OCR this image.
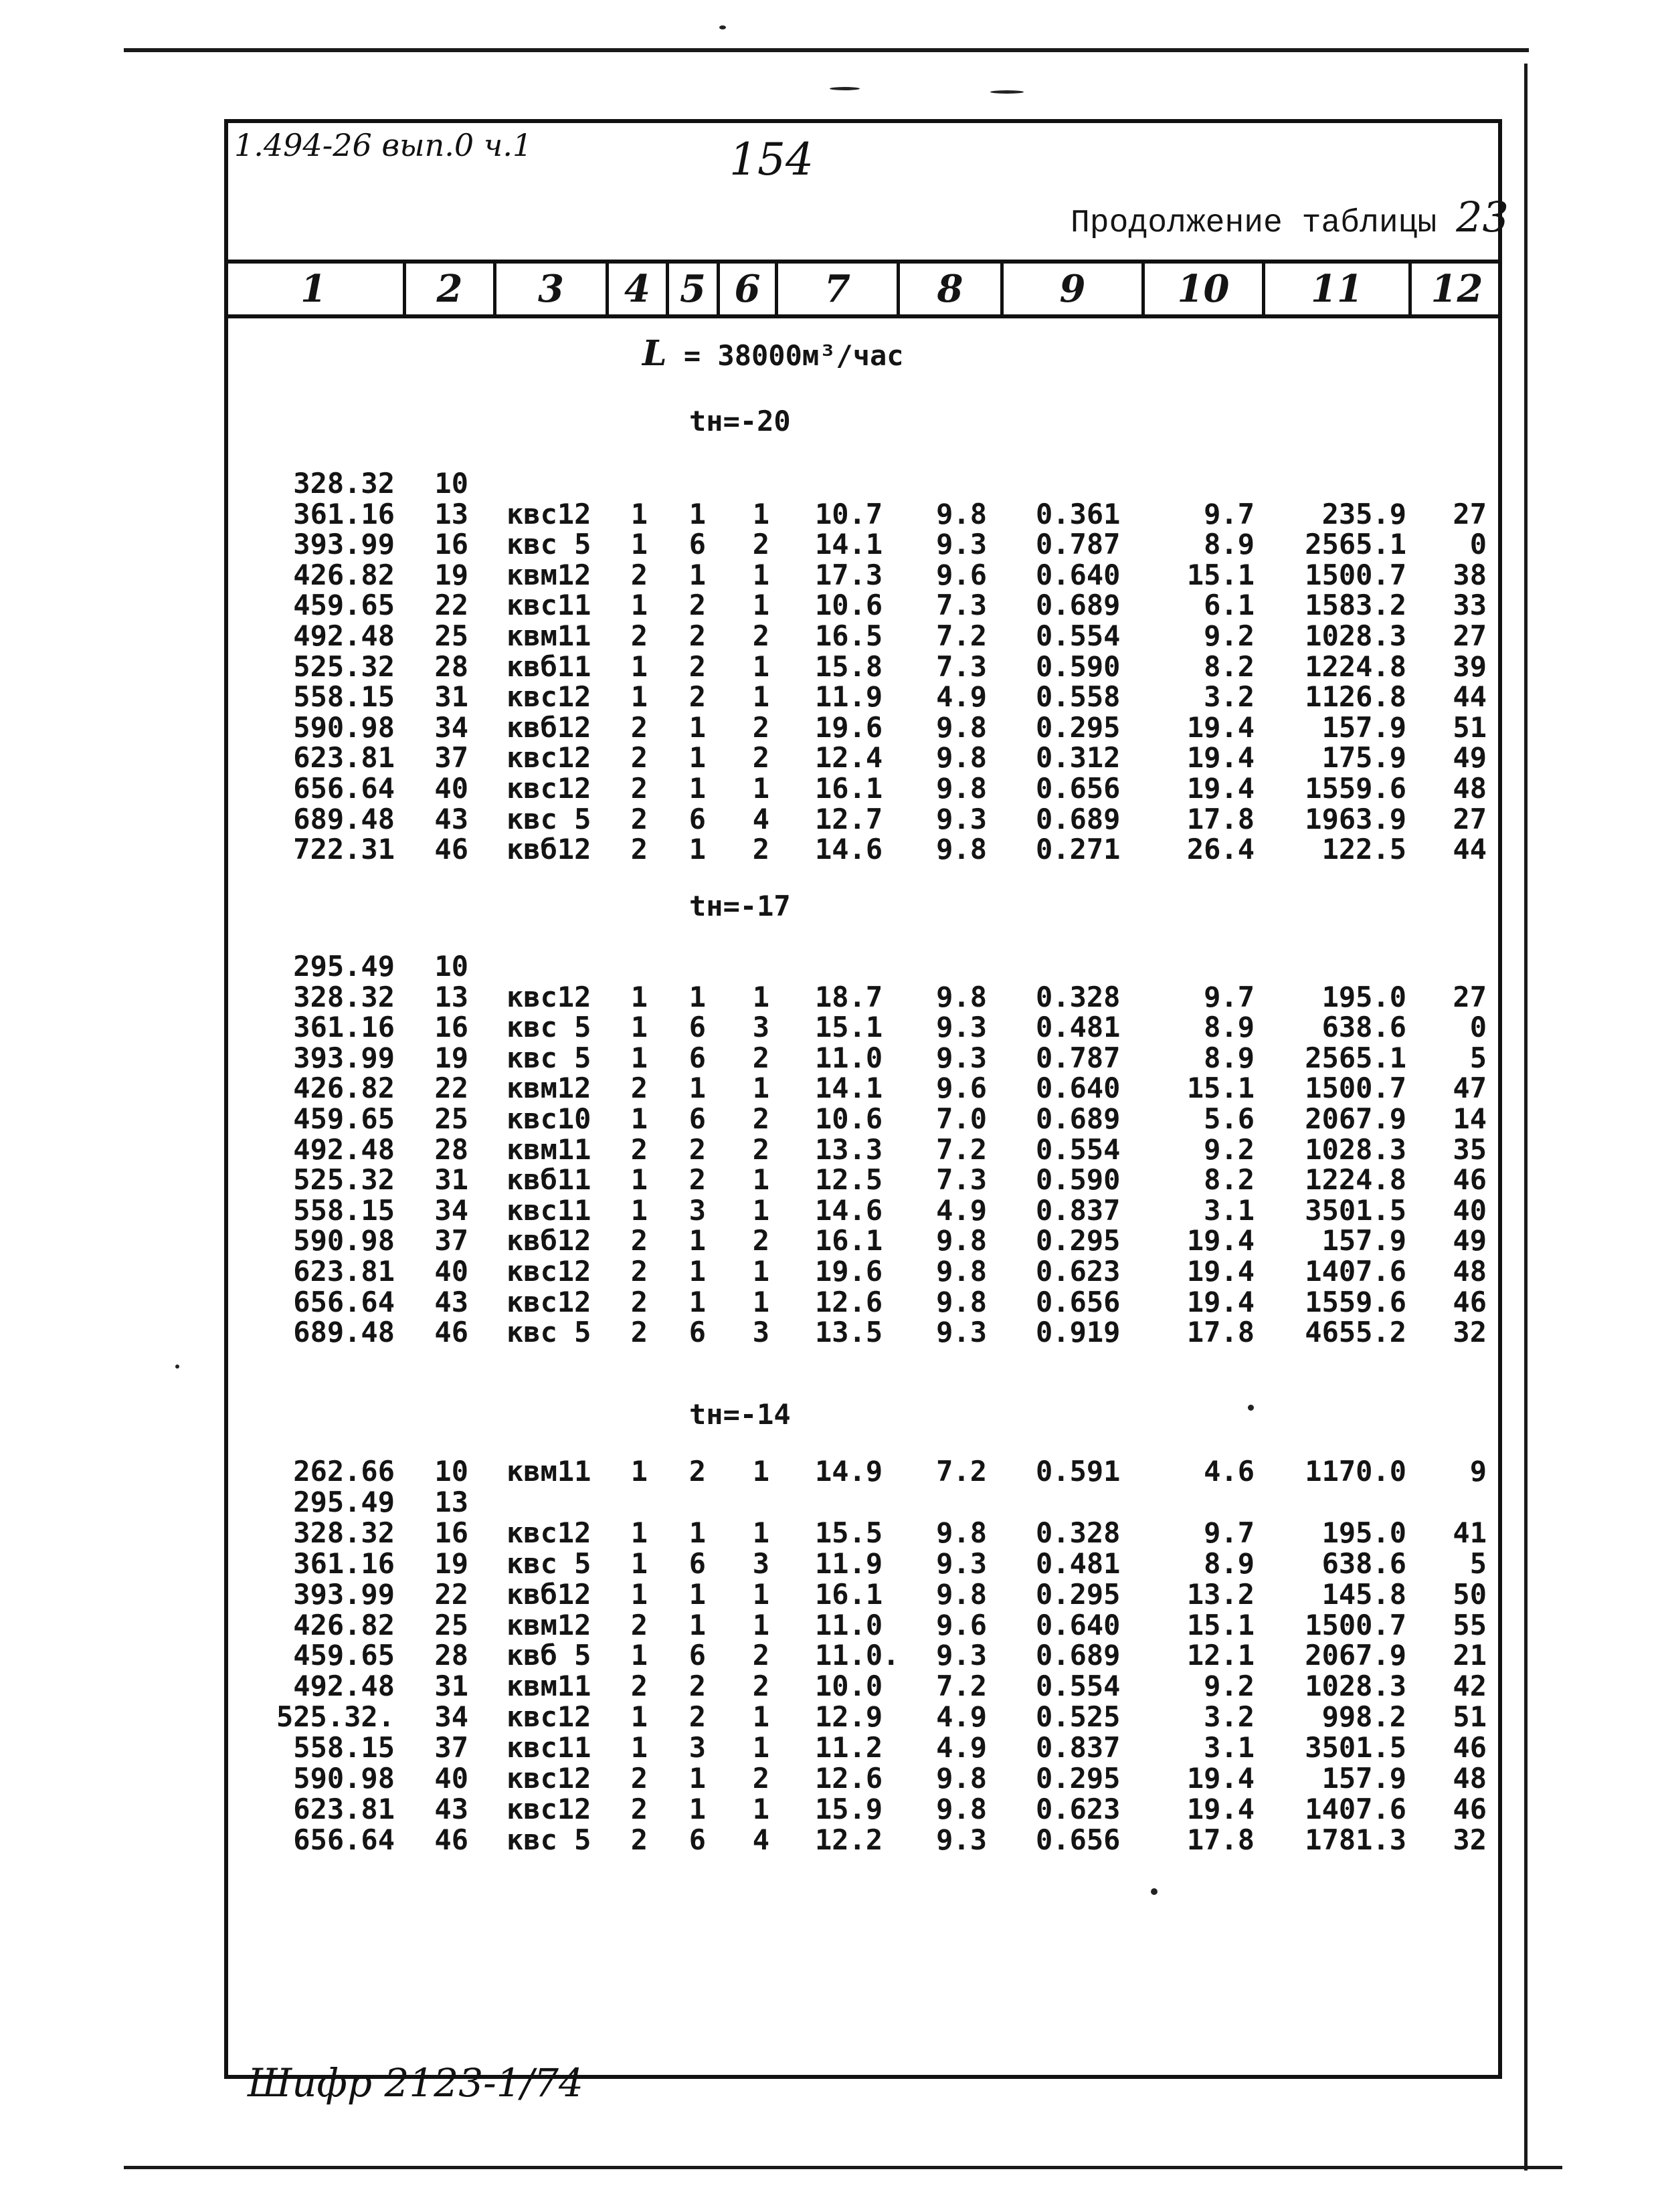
1.494-26 вып.0 ч.1	154
Продолжение таблицы 23
1	2	3	4 5 6	7	8	9	10	11	12
L = 38000м³/час
tн=-20
328.32 10
361.16 13 квс12 1 1 1 10.7 9.8 0.361	9.7 235.9 27
393.99 16 квс 5 1 6 2 14.1 9.3 0.787	8.9 2565.1 0
426.82 19 квм12 2 1 1 17.3 9.6 0.640 15.1 1500.7 38
459.65 22 квс11 1 2 1 10.6 7.3 0.689	6.1 1583.2 33
492.48 25 квм11 2 2 2 16.5 7.2 0.554	9.2 1028.3 27
525.32 28 квб11 1 2 1 15.8 7.3 0.590	8.2 1224.8 39
558.15 31 квс12 1 2 1 11.9 4.9 0.558	3.2 1126.8 44
590.98 34 квб12 2 1 2 19.6 9.8 0.295 19.4 157.9 51
623.81 37 квс12 2 1 2 12.4 9.8 0.312 19.4 175.9 49
656.64 40 квс12 2 1 1 16.1 9.8 0.656 19.4 1559.6 48
689.48 43 квс 5 2 6 4 12.7 9.3 0.689 17.8 1963.9 27
722.31 46 квб12 2 1 2 14.6 9.8 0.271 26.4 122.5 44
tн=-17
295.49 10
328.32 13 квс12 1 1 1 18.7 9.8 0.328	9.7 195.0 27
361.16 16 квс 5 1 6 3 15.1 9.3 0.481	8.9 638.6 0
393.99 19 квс 5 1 6 2 11.0 9.3 0.787	8.9 2565.1 5
426.82 22 квм12 2 1 1 14.1 9.6 0.640 15.1 1500.7 47
459.65 25 квс10 1 6 2 10.6 7.0 0.689	5.6 2067.9 14
492.48 28 квм11 2 2 2 13.3 7.2 0.554	9.2 1028.3 35
525.32 31 квб11 1 2 1 12.5 7.3 0.590	8.2 1224.8 46
558.15 34 квс11 1 3 1 14.6 4.9 0.837	3.1 3501.5 40
590.98 37 квб12 2 1 2 16.1 9.8 0.295 19.4 157.9 49
623.81 40 квс12 2 1 1 19.6 9.8 0.623 19.4 1407.6 48
656.64 43 квс12 2 1 1 12.6 9.8 0.656 19.4 1559.6 46
689.48 46 квс 5 2 6 3 13.5 9.3 0.919 17.8 4655.2 32
tн=-14
262.66 10 квм11 1 2 1 14.9 7.2 0.591	4.6 1170.0 9
295.49 13
328.32 16 квс12 1 1 1 15.5 9.8 0.328	9.7 195.0 41
361.16 19 квс 5 1 6 3 11.9 9.3 0.481	8.9 638.6 5
393.99 22 квб12 1 1 1 16.1 9.8 0.295 13.2 145.8 50
426.82 25 квм12 2 1 1 11.0 9.6 0.640 15.1 1500.7 55
459.65 28 квб 5 1 6 2 11.0. 9.3 0.689 12.1 2067.9 21
492.48 31 квм11 2 2 2 10.0 7.2 0.554	9.2 1028.3 42
525.32. 34 квс12 1 2 1 12.9 4.9 0.525	3.2 998.2 51
558.15 37 квс11 1 3 1 11.2 4.9 0.837	3.1 3501.5 46
590.98 40 квс12 2 1 2 12.6 9.8 0.295 19.4 157.9 48
623.81 43 квс12 2 1 1 15.9 9.8 0.623 19.4 1407.6 46
656.64 46 квс 5 2 6 4 12.2 9.3 0.656 17.8 1781.3 32
Шифр 2123-1/74
